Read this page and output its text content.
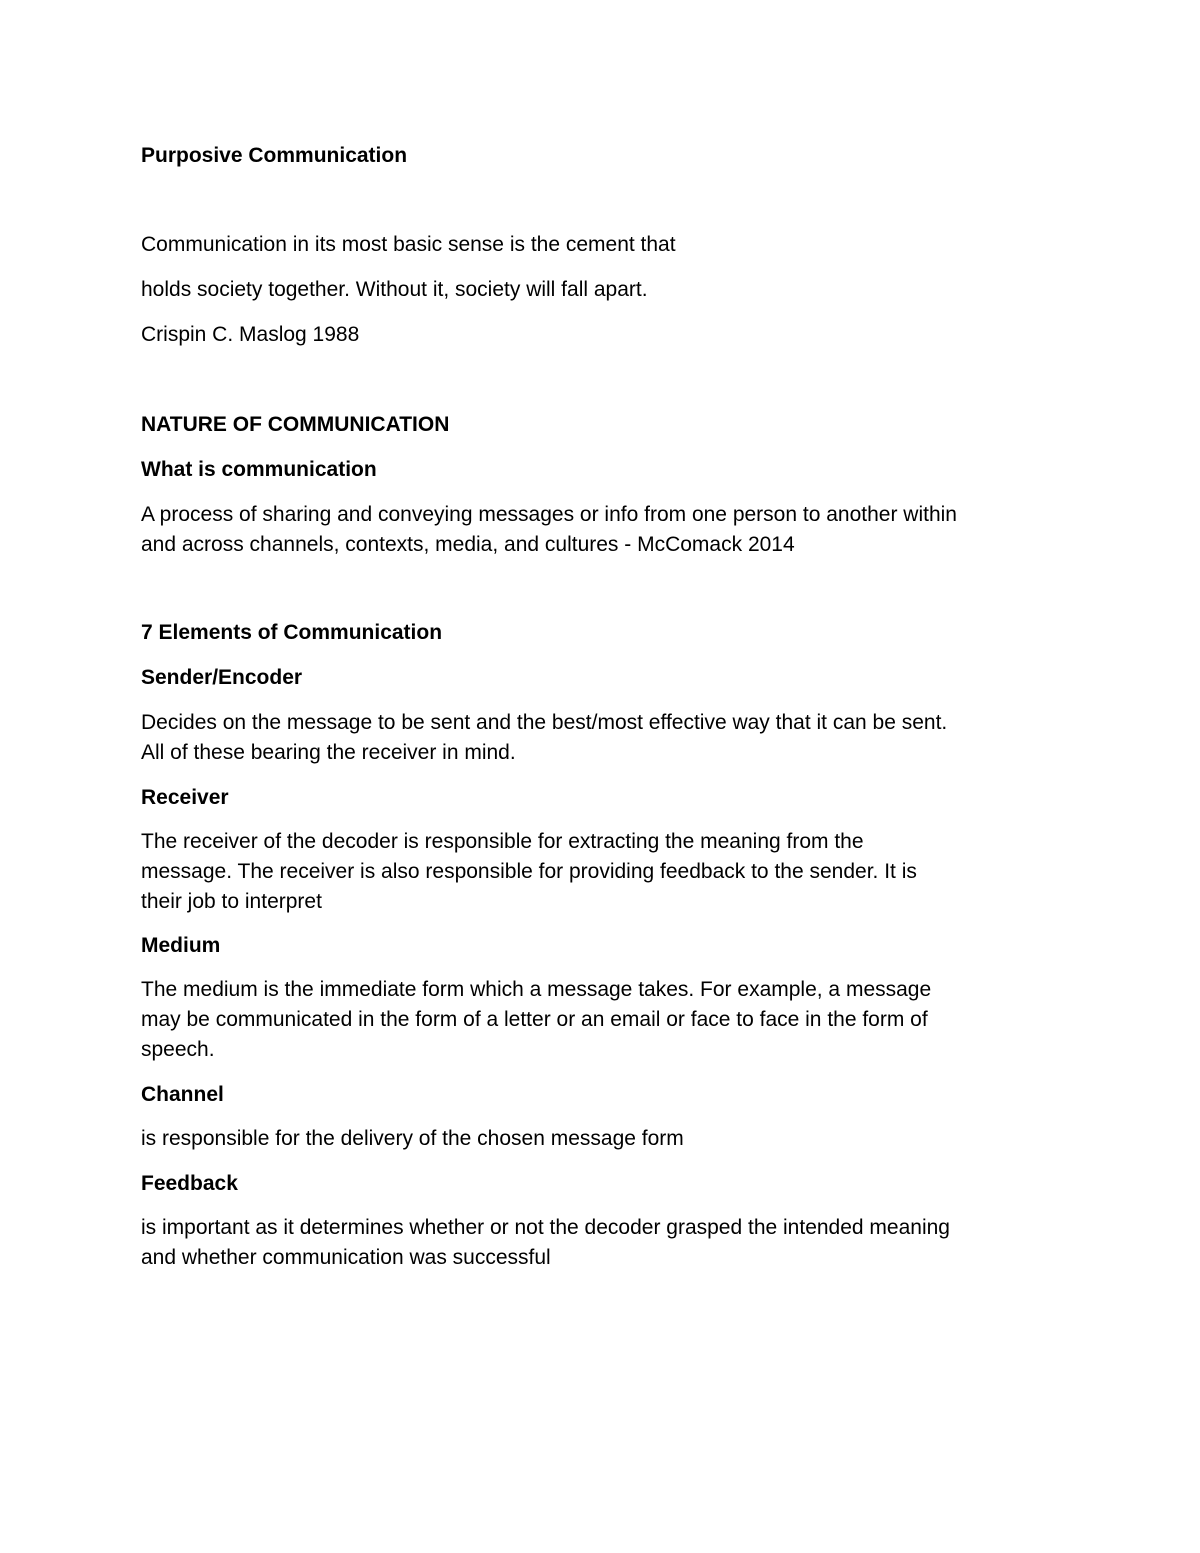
Purposive Communication

Communication in its most basic sense is the cement that

holds society together. Without it, society will fall apart.

Crispin C. Maslog 1988

NATURE OF COMMUNICATION

What is communication

A process of sharing and conveying messages or info from one person to another within
and across channels, contexts, media, and cultures - McComack 2014

7 Elements of Communication

Sender/Encoder

Decides on the message to be sent and the best/most effective way that it can be sent.
All of these bearing the receiver in mind.

Receiver

The receiver of the decoder is responsible for extracting the meaning from the
message. The receiver is also responsible for providing feedback to the sender. It is
their job to interpret

Medium

The medium is the immediate form which a message takes. For example, a message
may be communicated in the form of a letter or an email or face to face in the form of
speech.

Channel

is responsible for the delivery of the chosen message form

Feedback

is important as it determines whether or not the decoder grasped the intended meaning
and whether communication was successful
